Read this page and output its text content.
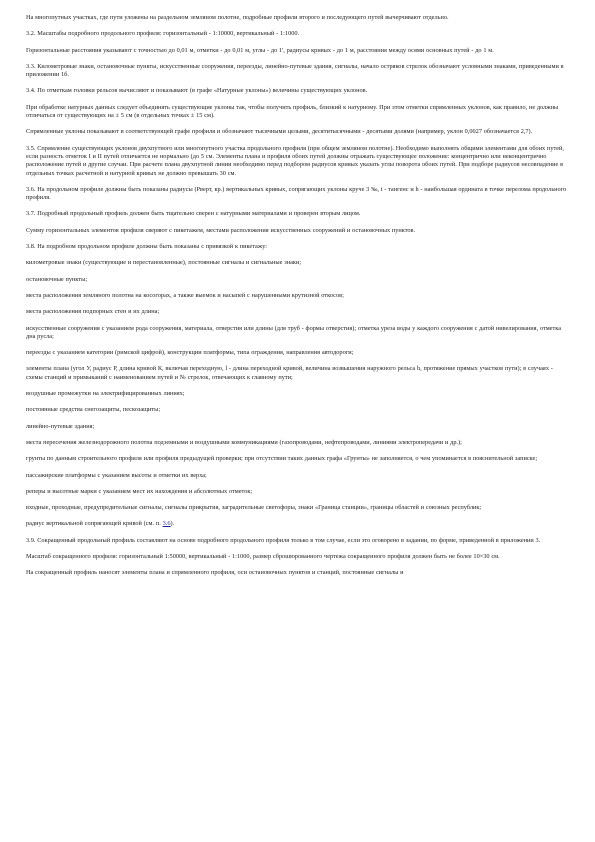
На многопутных участках, где пути уложены на раздельном земляном полотне, подробные профили второго и последующего путей вычерчивают отдельно.

3.2. Масштабы подробного продольного профиля: горизонтальный - 1:10000, вертикальный - 1:1000.

Горизонтальные расстояния указывают с точностью до 0,01 м, отметки - до 0,01 м, углы - до 1', радиусы кривых - до 1 м, расстояния между осями основных путей - до 1 м.

3.3. Километровые знаки, остановочные пункты, искусственные сооружения, переезды, линейно-путевые здания, сигналы, начало остряков стрелок обозначают условными знаками, приведенными в приложении 1б.

3.4. По отметкам головки рельсов вычисляют и показывают (в графе «Натурные уклоны») величины существующих уклонов.

При обработке натурных данных следует объединять существующие уклоны так, чтобы получить профиль, близкий к натурному. При этом отметки спрямленных уклонов, как правило, не должны отличаться от существующих на ± 5 см (в отдельных точках ± 15 см).

Спрямленные уклоны показывают в соответствующей графе профиля и обозначают тысячными целыми, десятитысячными - десятыми долями (например, уклон 0,0027 обозначается 2,7).

3.5. Спрямление существующих уклонов двухпутного или многопутного участка продольного профиля (при общем земляном полотне). Необходимо выполнять общими элементами для обоих путей, если разность отметок I и II путей отличается не нормально (до 5 см. Элементы плана и профиля обоих путей должны отражать существующее положение: концентрично или неконцентрично расположение путей и другие случаи. При расчете плана двухпутной линии необходимо перед подбором радиусов кривых указать углы поворота обоих путей. При подборе радиусов несовпадение в отдельных точках расчетной и натурной кривых не должно превышать 30 см.

3.6. На продольном профиле должны быть показаны радиусы (Рверт, кр.) вертикальных кривых, сопрягающих уклоны круче 3 ‰, t - тангенс и h - наибольшая ордината в точке перелома продольного профиля.

3.7. Подробный продольный профиль должен быть тщательно сверен с натурными материалами и проверен вторым лицом.

Сумму горизонтальных элементов профиля сверяют с пикетажем, местами расположения искусственных сооружений и остановочных пунктов.

3.8. На подробном продольном профиле должны быть показаны с привязкой к пикетажу:

километровые знаки (существующие и перестановленные), постоянные сигналы и сигнальные знаки;

остановочные пункты;

места расположения земляного полотна на косогорах, а также выемок и насыпей с нарушенными крутизной откосов;

места расположения подпорных стен и их длина;

искусственные сооружения с указанием рода сооружения, материала, отверстия или длины (для труб - формы отверстия); отметка уреза воды у каждого сооружения с датой нивелирования, отметка дна русла;

переезды с указанием категории (римской цифрой), конструкции платформы, типа ограждения, направления автодороги;

элементы плана (угол У, радиус Р, длина кривой К, включая переходную, l - длина переходной кривой, величина возвышения наружного рельса h, протяжение прямых участков пути); в случаях - схемы станций и примыканий с наименованием путей и № стрелок, отвечающих к главному пути;

воздушные промежутки на электрифицированных линиях;

постоянные средства снегозащиты, пескозащиты;

линейно-путевые здания;

места пересечения железнодорожного полотна подземными и воздушными коммуникациями (газопроводами, нефтепроводами, линиями электропередачи и др.);

грунты по данным строительного профиля или профиля предыдущей проверки; при отсутствии таких данных графа «Грунты» не заполняется, о чем упоминается в пояснительной записке;

пассажирские платформы с указанием высоты и отметки их верха;

реперы и высотные марки с указанием мест их нахождения и абсолютных отметок;

входные, проходные, предупредительные сигналы, сигналы прикрытия, заградительные светофоры, знаки «Граница станции», границы областей и союзных республик;

радиус вертикальной сопрягающей кривой (см. п. 3.6).

3.9. Сокращенный продольный профиль составляют на основе подробного продольного профиля только в том случае, если это оговорено в задании, по форме, приведенной в приложении 3.

Масштаб сокращенного профиля: горизонтальный 1:50000, вертикальный - 1:1000, размер сброшюрованного чертежа сокращенного профиля должен быть не более 10×30 см.

На сокращенный профиль наносят элементы плана и спрямленного профиля, оси остановочных пунктов и станций, постоянные сигналы и
